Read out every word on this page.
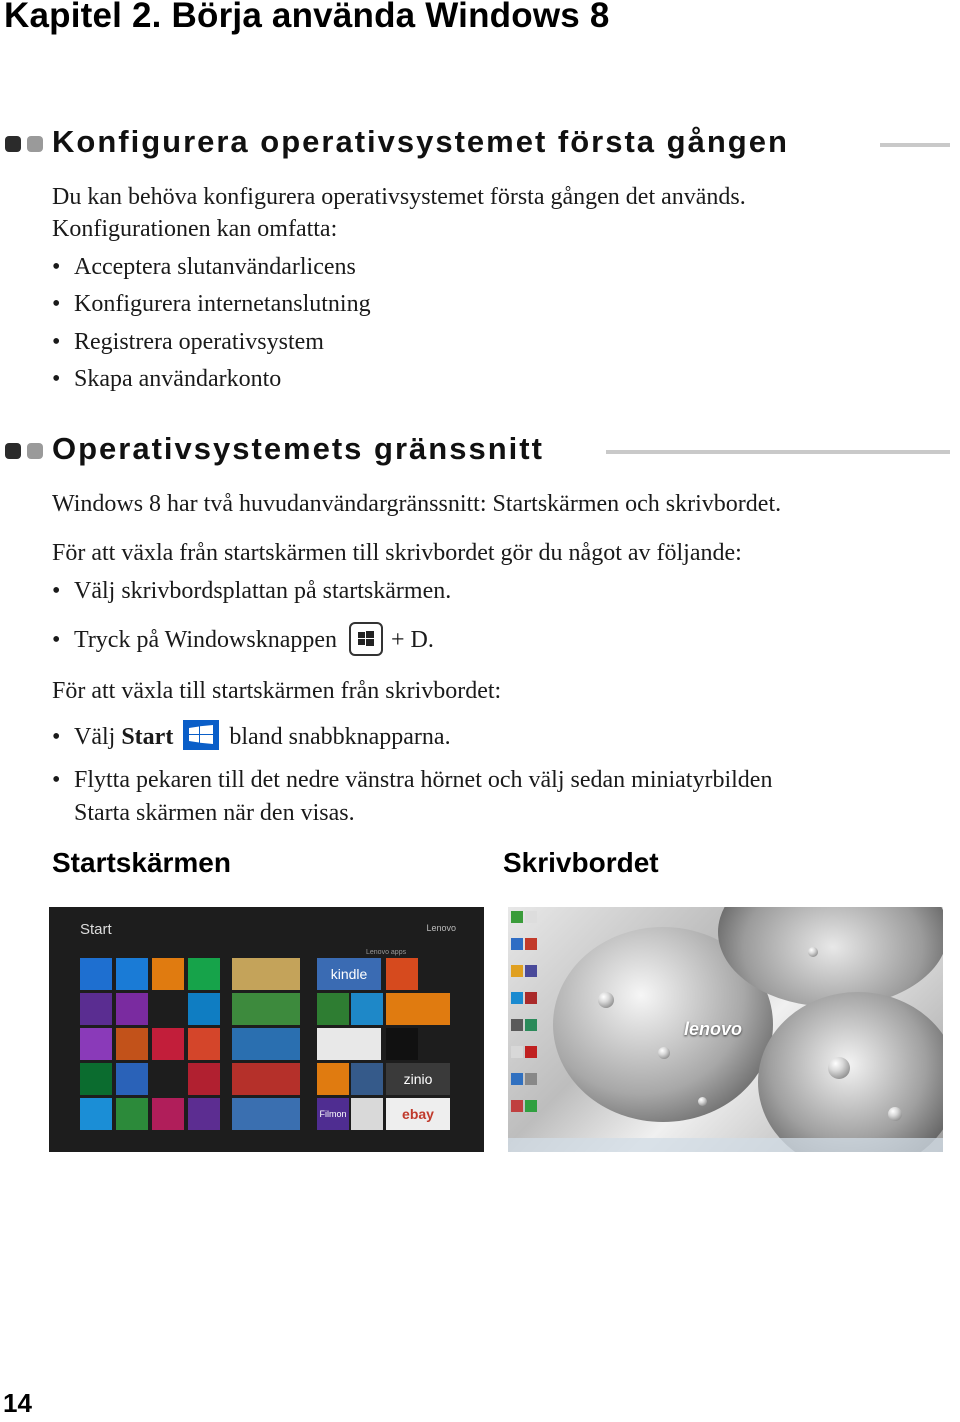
Kapitel 2. Börja använda Windows 8
Konfigurera operativsystemet första gången
Du kan behöva konfigurera operativsystemet första gången det används.
Konfigurationen kan omfatta:
• Acceptera slutanvändarlicens
• Konfigurera internetanslutning
• Registrera operativsystem
• Skapa användarkonto
Operativsystemets gränssnitt
Windows 8 har två huvudanvändargränssnitt: Startskärmen och skrivbordet.
För att växla från startskärmen till skrivbordet gör du något av följande:
• Välj skrivbordsplattan på startskärmen.
• Tryck på Windowsknappen + D.
För att växla till startskärmen från skrivbordet:
• Välj Start bland snabbknapparna.
• Flytta pekaren till det nedre vänstra hörnet och välj sedan miniatyrbilden
Starta skärmen när den visas.
Startskärmen	Skrivbordet
Start	Lenovo
Lenovo apps
kindle
zinio
ebay
Filmon
lenovo
14
